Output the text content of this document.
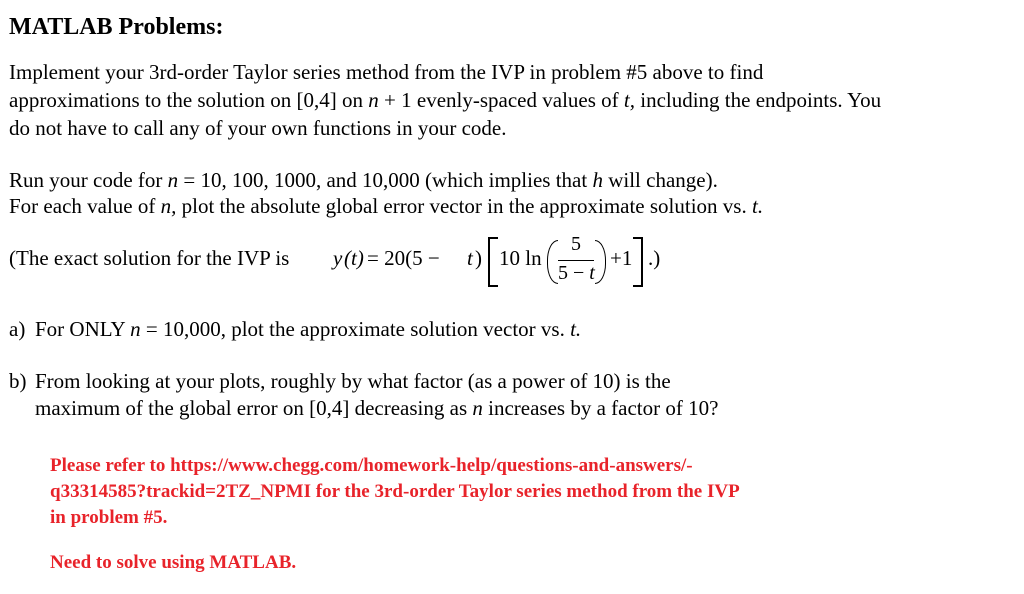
MATLAB Problems:
Implement your 3rd-order Taylor series method from the IVP in problem #5 above to find
approximations to the solution on [0,4] on n + 1 evenly-spaced values of t, including the endpoints. You
do not have to call any of your own functions in your code.
Run your code for n = 10, 100, 1000, and 10,000 (which implies that h will change).
For each value of n, plot the absolute global error vector in the approximate solution vs. t.
(The exact solution for the IVP is y (t) = 20(5 − t ) 10 ln
5
5 − t
+1 .)
a) For ONLY n = 10,000, plot the approximate solution vector vs. t.
b) From looking at your plots, roughly by what factor (as a power of 10) is the
maximum of the global error on [0,4] decreasing as n increases by a factor of 10?
Please refer to https://www.chegg.com/homework-help/questions-and-answers/-
q33314585?trackid=2TZ_NPMI for the 3rd-order Taylor series method from the IVP
in problem #5.
Need to solve using MATLAB.
